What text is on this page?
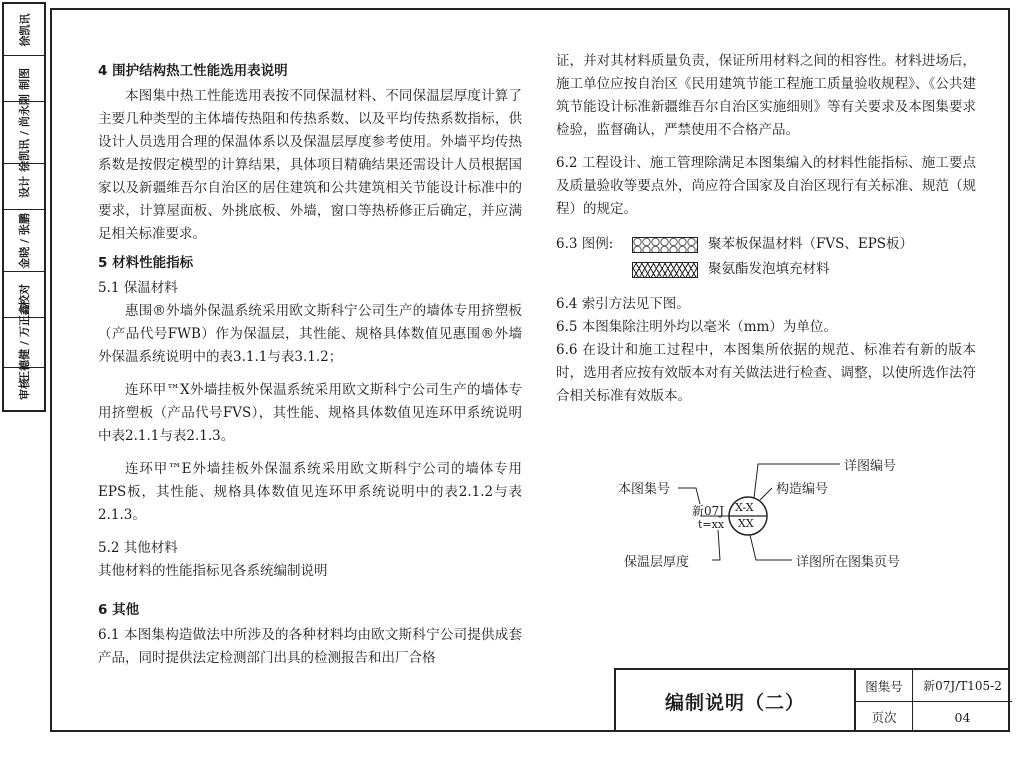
徐凯讯
制图
徐凯讯 / 尚永刚
设计
金晓 / 张鹏
校对
王德健 / 万正鑫
审核
4 围护结构热工性能选用表说明

本图集中热工性能选用表按不同保温材料、不同保温层厚度计算了主要几种类型的主体墙传热阻和传热系数、以及平均传热系数指标，供设计人员选用合理的保温体系以及保温层厚度参考使用。外墙平均传热系数是按假定模型的计算结果，具体项目精确结果还需设计人员根据国家以及新疆维吾尔自治区的居住建筑和公共建筑相关节能设计标准中的要求，计算屋面板、外挑底板、外墙，窗口等热桥修正后确定，并应满足相关标准要求。

5 材料性能指标
5.1 保温材料

惠围®外墙外保温系统采用欧文斯科宁公司生产的墙体专用挤塑板（产品代号FWB）作为保温层，其性能、规格具体数值见惠围®外墙外保温系统说明中的表3.1.1与表3.1.2；

连环甲™X外墙挂板外保温系统采用欧文斯科宁公司生产的墙体专用挤塑板（产品代号FVS），其性能、规格具体数值见连环甲系统说明中表2.1.1与表2.1.3。

连环甲™E外墙挂板外保温系统采用欧文斯科宁公司的墙体专用EPS板，其性能、规格具体数值见连环甲系统说明中的表2.1.2与表2.1.3。

5.2 其他材料

其他材料的性能指标见各系统编制说明

6 其他

6.1 本图集构造做法中所涉及的各种材料均由欧文斯科宁公司提供成套产品，同时提供法定检测部门出具的检测报告和出厂合格

证，并对其材料质量负责，保证所用材料之间的相容性。材料进场后，施工单位应按自治区《民用建筑节能工程施工质量验收规程》、《公共建筑节能设计标准新疆维吾尔自治区实施细则》等有关要求及本图集要求检验，监督确认，严禁使用不合格产品。

6.2 工程设计、施工管理除满足本图集编入的材料性能指标、施工要点及质量验收等要点外，尚应符合国家及自治区现行有关标准、规范（规程）的规定。

6.3 图例:	聚苯板保温材料（FVS、EPS板）
聚氨酯发泡填充材料

6.4 索引方法见下图。

6.5 本图集除注明外均以毫米（mm）为单位。

6.6 在设计和施工过程中，本图集所依据的规范、标准若有新的版本时，选用者应按有效版本对有关做法进行检查、调整，以使所选作法符合相关标准有效版本。

详图编号
本图集号	构造编号
新07J
t=xx
X-X
XX
保温层厚度	详图所在图集页号
编制说明（二）
图集号	新07J/T105-2
页次	04
